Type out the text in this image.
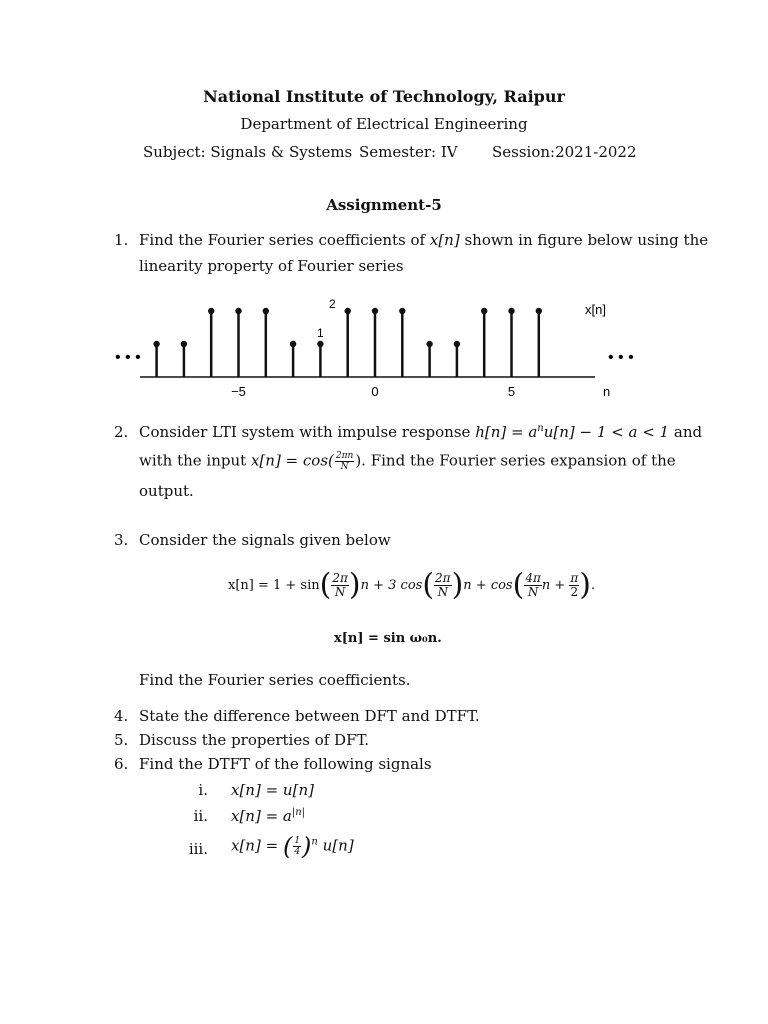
National Institute of Technology, Raipur
Department of Electrical Engineering
Subject: Signals & Systems Semester: IV Session:2021-2022
Assignment-5
1. Find the Fourier series coefficients of x[n] shown in figure below using the
linearity property of Fourier series
• • •	• • •
x[n]
n
2
1
−5	0	5
2. Consider LTI system with impulse response $h[n] = a^nu[n] - 1 < a < 1$ and
with the input $x[n] = \cos( \frac{2\pi n}{N}$ ). Find the Fourier series expansion of the
output.
3. Consider the signals given below
$x[n] = 1 + \sin( \frac{2\pi}{N} )n + 3$ $\cos( \frac{2\pi}{N} )n + \cos( \frac{4\pi}{N}$ $n + \frac{\pi}{2}$ ).
x[n] = sin ω₀n.
Find the Fourier series coefficients.
4. State the difference between DFT and DTFT.
5. Discuss the properties of DFT.
6. Find the DTFT of the following signals
i. x[n] = u[n]
ii. $x[n] = a^{|n|}$
iii. x[n] = ( $\frac{1}{4} )^n$ u[n]
